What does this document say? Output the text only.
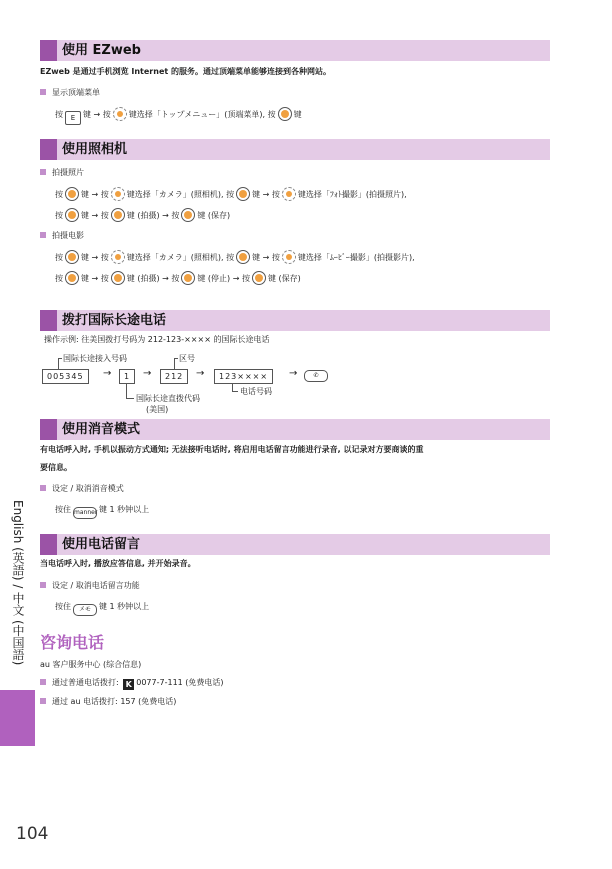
使用 EZweb
EZweb 是通过手机浏览 Internet 的服务。通过顶端菜单能够连接到各种网站。
显示顶端菜单
按 E 键 → 按 键选择「トップメニュー」(顶端菜单), 按 键
使用照相机
拍摄照片
按 键 → 按 键选择「カメラ」(照相机), 按 键 → 按 键选择「ﾌｫﾄ撮影」(拍摄照片),
按 键 → 按 键 (拍摄) → 按 键 (保存)
拍摄电影
按 键 → 按 键选择「カメラ」(照相机), 按 键 → 按 键选择「ﾑｰﾋﾞｰ撮影」(拍摄影片),
按 键 → 按 键 (拍摄) → 按 键 (停止) → 按 键 (保存)
拨打国际长途电话
操作示例: 往美国拨打号码为 212-123-×××× 的国际长途电话
国际长途接入号码	区号
005345	→	1	→	212	→	123××××	→	✆
国际长途直拨代码
(美国)
电话号码
使用消音模式
有电话呼入时, 手机以振动方式通知; 无法接听电话时, 将启用电话留言功能进行录音, 以记录对方要商谈的重
要信息。
设定 / 取消消音模式
按住 manner 键 1 秒钟以上
使用电话留言
当电话呼入时, 播放应答信息, 并开始录音。
设定 / 取消电话留言功能
按住 メモ 键 1 秒钟以上
咨询电话
au 客户服务中心 (综合信息)
通过普通电话拨打: K 0077-7-111 (免费电话)
通过 au 电话拨打: 157 (免费电话)
English (英語) / 中文 (中国語)
104
